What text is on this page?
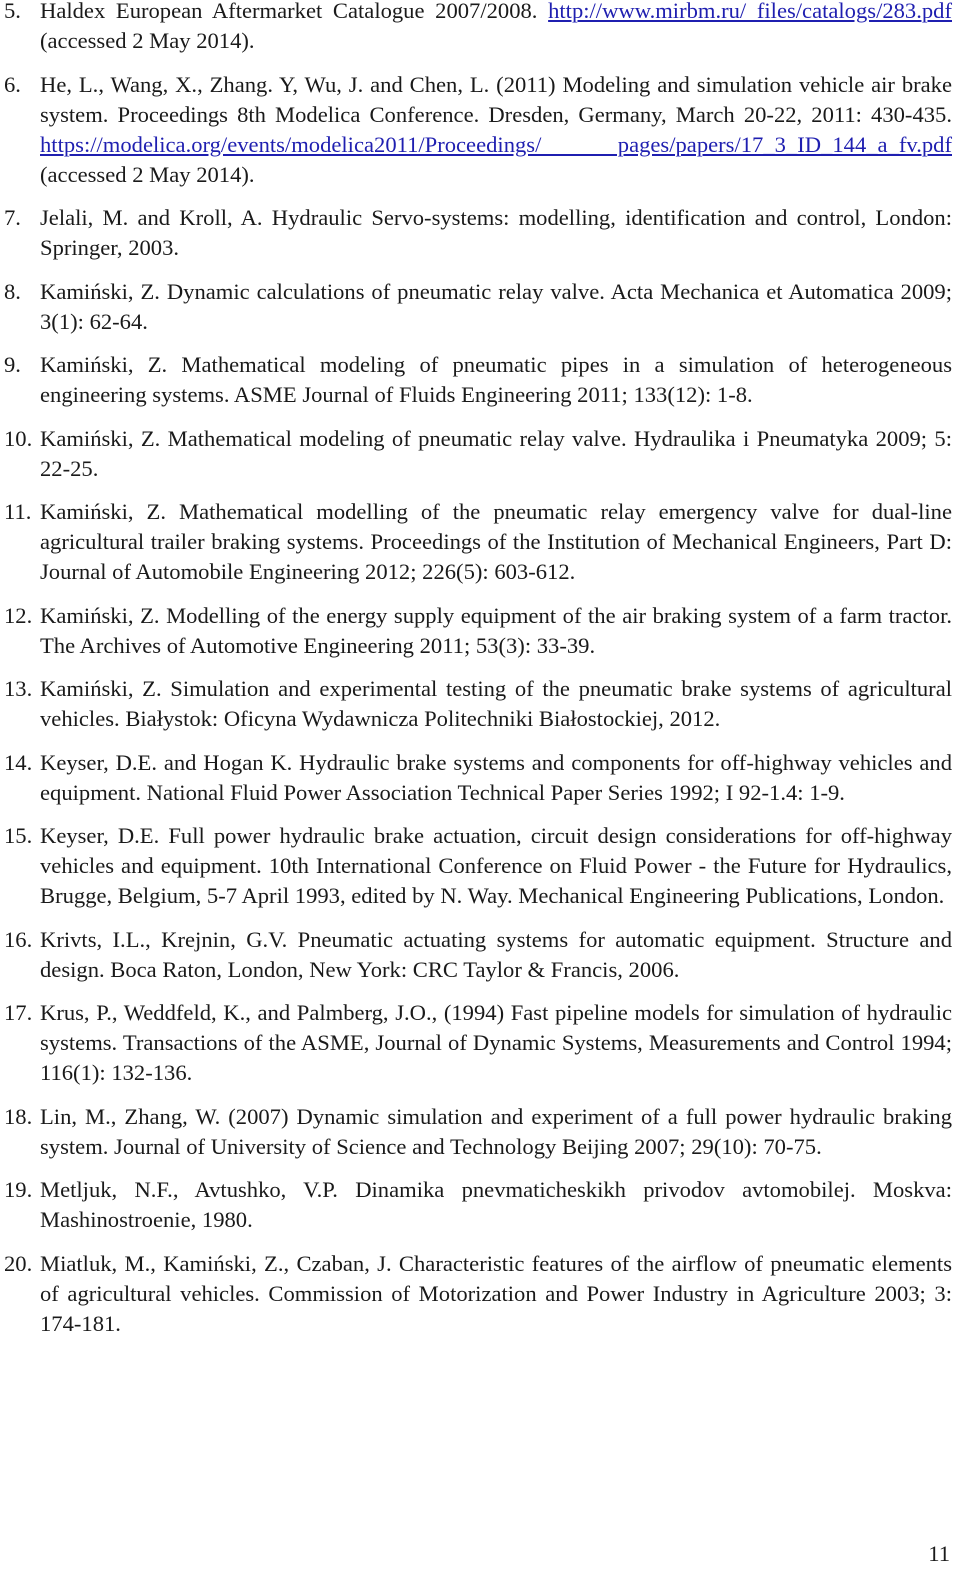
5. Haldex European Aftermarket Catalogue 2007/2008. http://www.mirbm.ru/ files/catalogs/283.pdf (accessed 2 May 2014).
6. He, L., Wang, X., Zhang. Y, Wu, J. and Chen, L. (2011) Modeling and simulation vehicle air brake system. Proceedings 8th Modelica Conference. Dresden, Germany, March 20-22, 2011: 430-435. https://modelica.org/events/modelica2011/Proceedings/ pages/papers/17_3_ID_144_a_fv.pdf (accessed 2 May 2014).
7. Jelali, M. and Kroll, A. Hydraulic Servo-systems: modelling, identification and control, London: Springer, 2003.
8. Kamiński, Z. Dynamic calculations of pneumatic relay valve. Acta Mechanica et Automatica 2009; 3(1): 62-64.
9. Kamiński, Z. Mathematical modeling of pneumatic pipes in a simulation of heterogeneous engineering systems. ASME Journal of Fluids Engineering 2011; 133(12): 1-8.
10. Kamiński, Z. Mathematical modeling of pneumatic relay valve. Hydraulika i Pneumatyka 2009; 5: 22-25.
11. Kamiński, Z. Mathematical modelling of the pneumatic relay emergency valve for dual-line agricultural trailer braking systems. Proceedings of the Institution of Mechanical Engineers, Part D: Journal of Automobile Engineering 2012; 226(5): 603-612.
12. Kamiński, Z. Modelling of the energy supply equipment of the air braking system of a farm tractor. The Archives of Automotive Engineering 2011; 53(3): 33-39.
13. Kamiński, Z. Simulation and experimental testing of the pneumatic brake systems of agricultural vehicles. Białystok: Oficyna Wydawnicza Politechniki Białostockiej, 2012.
14. Keyser, D.E. and Hogan K. Hydraulic brake systems and components for off-highway vehicles and equipment. National Fluid Power Association Technical Paper Series 1992; I 92-1.4: 1-9.
15. Keyser, D.E. Full power hydraulic brake actuation, circuit design considerations for off-highway vehicles and equipment. 10th International Conference on Fluid Power - the Future for Hydraulics, Brugge, Belgium, 5-7 April 1993, edited by N. Way. Mechanical Engineering Publications, London.
16. Krivts, I.L., Krejnin, G.V. Pneumatic actuating systems for automatic equipment. Structure and design. Boca Raton, London, New York: CRC Taylor & Francis, 2006.
17. Krus, P., Weddfeld, K., and Palmberg, J.O., (1994) Fast pipeline models for simulation of hydraulic systems. Transactions of the ASME, Journal of Dynamic Systems, Measurements and Control 1994; 116(1): 132-136.
18. Lin, M., Zhang, W. (2007) Dynamic simulation and experiment of a full power hydraulic braking system. Journal of University of Science and Technology Beijing 2007; 29(10): 70-75.
19. Metljuk, N.F., Avtushko, V.P. Dinamika pnevmaticheskikh privodov avtomobilej. Moskva: Mashinostroenie, 1980.
20. Miatluk, M., Kamiński, Z., Czaban, J. Characteristic features of the airflow of pneumatic elements of agricultural vehicles. Commission of Motorization and Power Industry in Agriculture 2003; 3: 174-181.
11
